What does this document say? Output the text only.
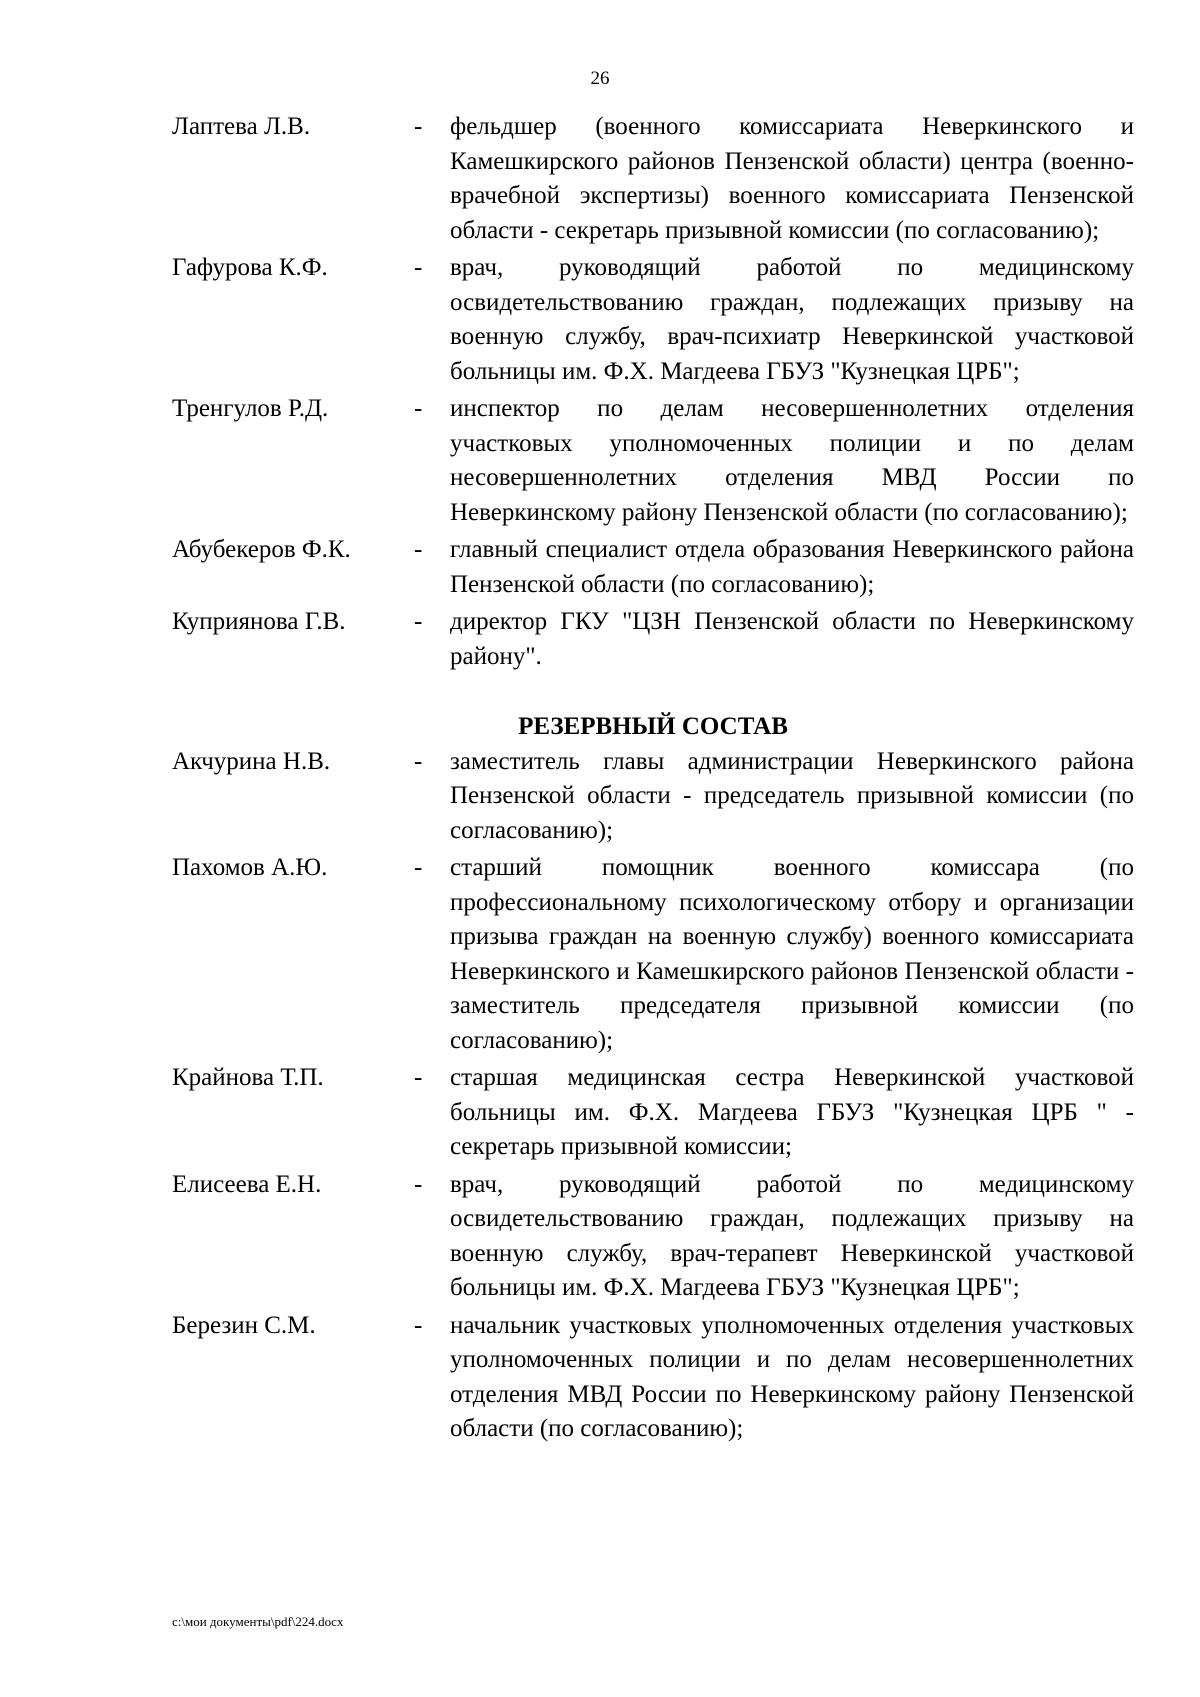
26
Лаптева Л.В.	-	фельдшер (военного комиссариата Неверкинского и Камешкирского районов Пензенской области) центра (военно-врачебной экспертизы) военного комиссариата Пензенской области - секретарь призывной комиссии (по согласованию);
Гафурова К.Ф.	-	врач, руководящий работой по медицинскому освидетельствованию граждан, подлежащих призыву на военную службу, врач-психиатр Неверкинской участковой больницы им. Ф.Х. Магдеева ГБУЗ "Кузнецкая ЦРБ";
Тренгулов Р.Д.	-	инспектор по делам несовершеннолетних отделения участковых уполномоченных полиции и по делам несовершеннолетних отделения МВД России по Неверкинскому району Пензенской области (по согласованию);
Абубекеров Ф.К.	-	главный специалист отдела образования Неверкинского района Пензенской области (по согласованию);
Куприянова Г.В.	-	директор ГКУ "ЦЗН Пензенской области по Неверкинскому району".
РЕЗЕРВНЫЙ СОСТАВ
Акчурина Н.В.	-	заместитель главы администрации Неверкинского района Пензенской области - председатель призывной комиссии (по согласованию);
Пахомов А.Ю.	-	старший помощник военного комиссара (по профессиональному психологическому отбору и организации призыва граждан на военную службу) военного комиссариата Неверкинского и Камешкирского районов Пензенской области - заместитель председателя призывной комиссии (по согласованию);
Крайнова Т.П.	-	старшая медицинская сестра Неверкинской участковой больницы им. Ф.Х. Магдеева ГБУЗ "Кузнецкая ЦРБ " - секретарь призывной комиссии;
Елисеева Е.Н.	-	врач, руководящий работой по медицинскому освидетельствованию граждан, подлежащих призыву на военную службу, врач-терапевт Неверкинской участковой больницы им. Ф.Х. Магдеева ГБУЗ "Кузнецкая ЦРБ";
Березин С.М.	-	начальник участковых уполномоченных отделения участковых уполномоченных полиции и по делам несовершеннолетних отделения МВД России по Неверкинскому району Пензенской области (по согласованию);
c:\мои документы\pdf\224.docx
